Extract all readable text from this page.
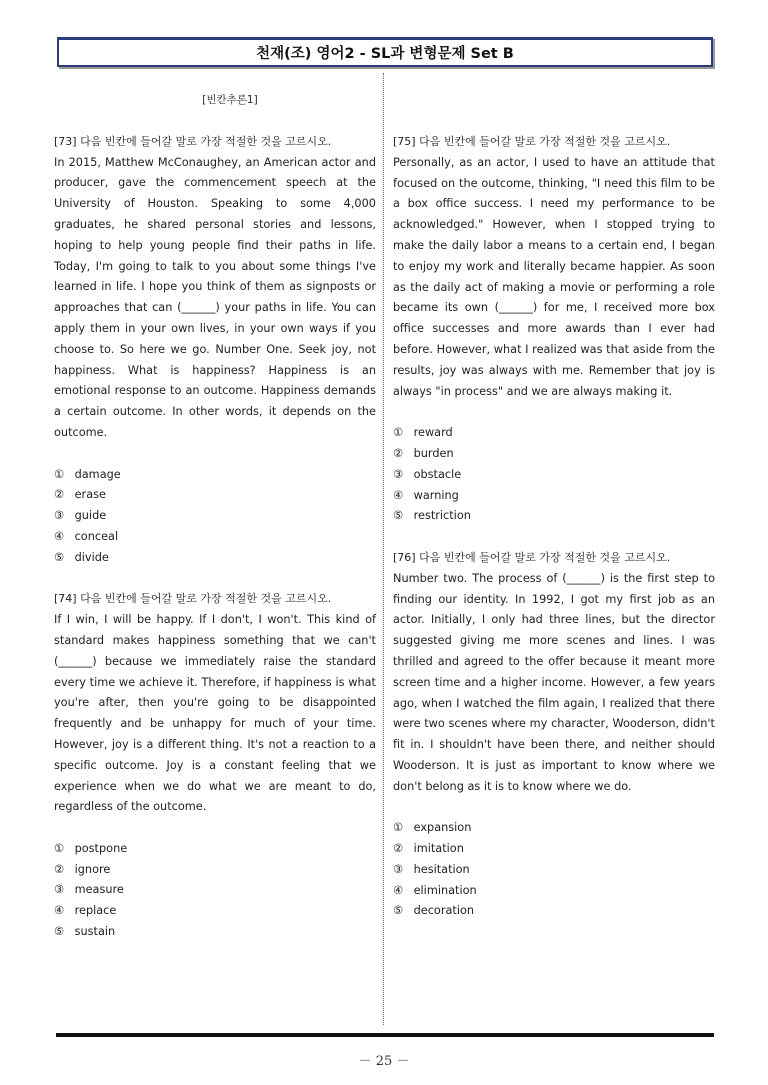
천재(조) 영어2 - SL과 변형문제 Set B
[빈칸추론1]
[73] 다음 빈칸에 들어갈 말로 가장 적절한 것을 고르시오.
In 2015, Matthew McConaughey, an American actor and producer, gave the commencement speech at the University of Houston. Speaking to some 4,000 graduates, he shared personal stories and lessons, hoping to help young people find their paths in life. Today, I'm going to talk to you about some things I've learned in life. I hope you think of them as signposts or approaches that can (______) your paths in life. You can apply them in your own lives, in your own ways if you choose to. So here we go. Number One. Seek joy, not happiness. What is happiness? Happiness is an emotional response to an outcome. Happiness demands a certain outcome. In other words, it depends on the outcome.
① damage
② erase
③ guide
④ conceal
⑤ divide
[74] 다음 빈칸에 들어갈 말로 가장 적절한 것을 고르시오.
If I win, I will be happy. If I don't, I won't. This kind of standard makes happiness something that we can't (______) because we immediately raise the standard every time we achieve it. Therefore, if happiness is what you're after, then you're going to be disappointed frequently and be unhappy for much of your time. However, joy is a different thing. It's not a reaction to a specific outcome. Joy is a constant feeling that we experience when we do what we are meant to do, regardless of the outcome.
① postpone
② ignore
③ measure
④ replace
⑤ sustain
[75] 다음 빈칸에 들어갈 말로 가장 적절한 것을 고르시오.
Personally, as an actor, I used to have an attitude that focused on the outcome, thinking, "I need this film to be a box office success. I need my performance to be acknowledged." However, when I stopped trying to make the daily labor a means to a certain end, I began to enjoy my work and literally became happier. As soon as the daily act of making a movie or performing a role became its own (______) for me, I received more box office successes and more awards than I ever had before. However, what I realized was that aside from the results, joy was always with me. Remember that joy is always "in process" and we are always making it.
① reward
② burden
③ obstacle
④ warning
⑤ restriction
[76] 다음 빈칸에 들어갈 말로 가장 적절한 것을 고르시오.
Number two. The process of (______) is the first step to finding our identity. In 1992, I got my first job as an actor. Initially, I only had three lines, but the director suggested giving me more scenes and lines. I was thrilled and agreed to the offer because it meant more screen time and a higher income. However, a few years ago, when I watched the film again, I realized that there were two scenes where my character, Wooderson, didn't fit in. I shouldn't have been there, and neither should Wooderson. It is just as important to know where we don't belong as it is to know where we do.
① expansion
② imitation
③ hesitation
④ elimination
⑤ decoration
－ 25 －
